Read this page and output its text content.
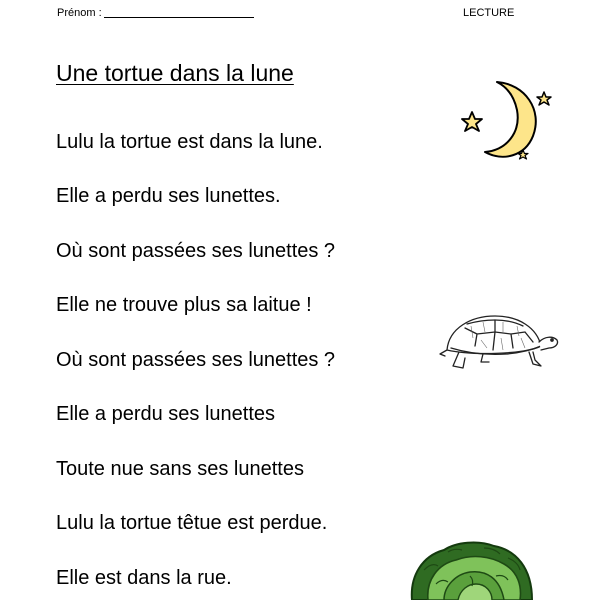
Prénom :	LECTURE
Une tortue dans la lune
Lulu la tortue est dans la lune.
Elle a perdu ses lunettes.
Où sont passées ses lunettes ?
Elle ne trouve plus sa laitue !
Où sont passées ses lunettes ?
Elle a perdu ses lunettes
Toute nue sans ses lunettes
Lulu la tortue têtue est perdue.
Elle est dans la rue.
